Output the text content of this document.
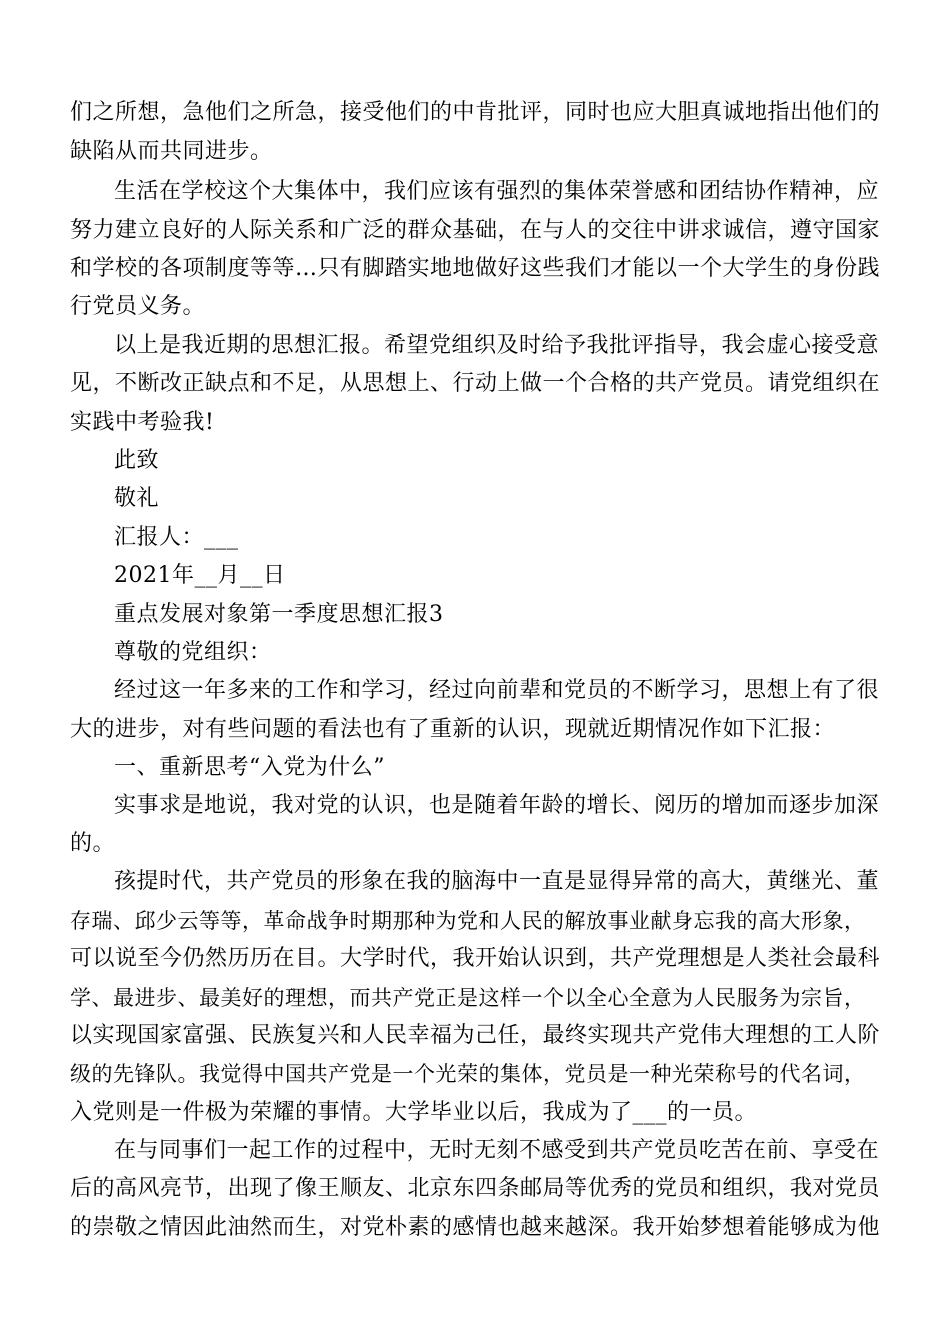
们之所想，急他们之所急，接受他们的中肯批评，同时也应大胆真诚地指出他们的
缺陷从而共同进步。
生活在学校这个大集体中，我们应该有强烈的集体荣誉感和团结协作精神，应
努力建立良好的人际关系和广泛的群众基础，在与人的交往中讲求诚信，遵守国家
和学校的各项制度等等…只有脚踏实地地做好这些我们才能以一个大学生的身份践
行党员义务。
以上是我近期的思想汇报。希望党组织及时给予我批评指导，我会虚心接受意
见，不断改正缺点和不足，从思想上、行动上做一个合格的共产党员。请党组织在
实践中考验我!
此致
敬礼
汇报人：___
2021年__月__日
重点发展对象第一季度思想汇报3
尊敬的党组织：
经过这一年多来的工作和学习，经过向前辈和党员的不断学习，思想上有了很
大的进步，对有些问题的看法也有了重新的认识，现就近期情况作如下汇报：
一、重新思考“入党为什么”
实事求是地说，我对党的认识，也是随着年龄的增长、阅历的增加而逐步加深
的。
孩提时代，共产党员的形象在我的脑海中一直是显得异常的高大，黄继光、董
存瑞、邱少云等等，革命战争时期那种为党和人民的解放事业献身忘我的高大形象，
可以说至今仍然历历在目。大学时代，我开始认识到，共产党理想是人类社会最科
学、最进步、最美好的理想，而共产党正是这样一个以全心全意为人民服务为宗旨，
以实现国家富强、民族复兴和人民幸福为己任，最终实现共产党伟大理想的工人阶
级的先锋队。我觉得中国共产党是一个光荣的集体，党员是一种光荣称号的代名词，
入党则是一件极为荣耀的事情。大学毕业以后，我成为了___的一员。
在与同事们一起工作的过程中，无时无刻不感受到共产党员吃苦在前、享受在
后的高风亮节，出现了像王顺友、北京东四条邮局等优秀的党员和组织，我对党员
的崇敬之情因此油然而生，对党朴素的感情也越来越深。我开始梦想着能够成为他
